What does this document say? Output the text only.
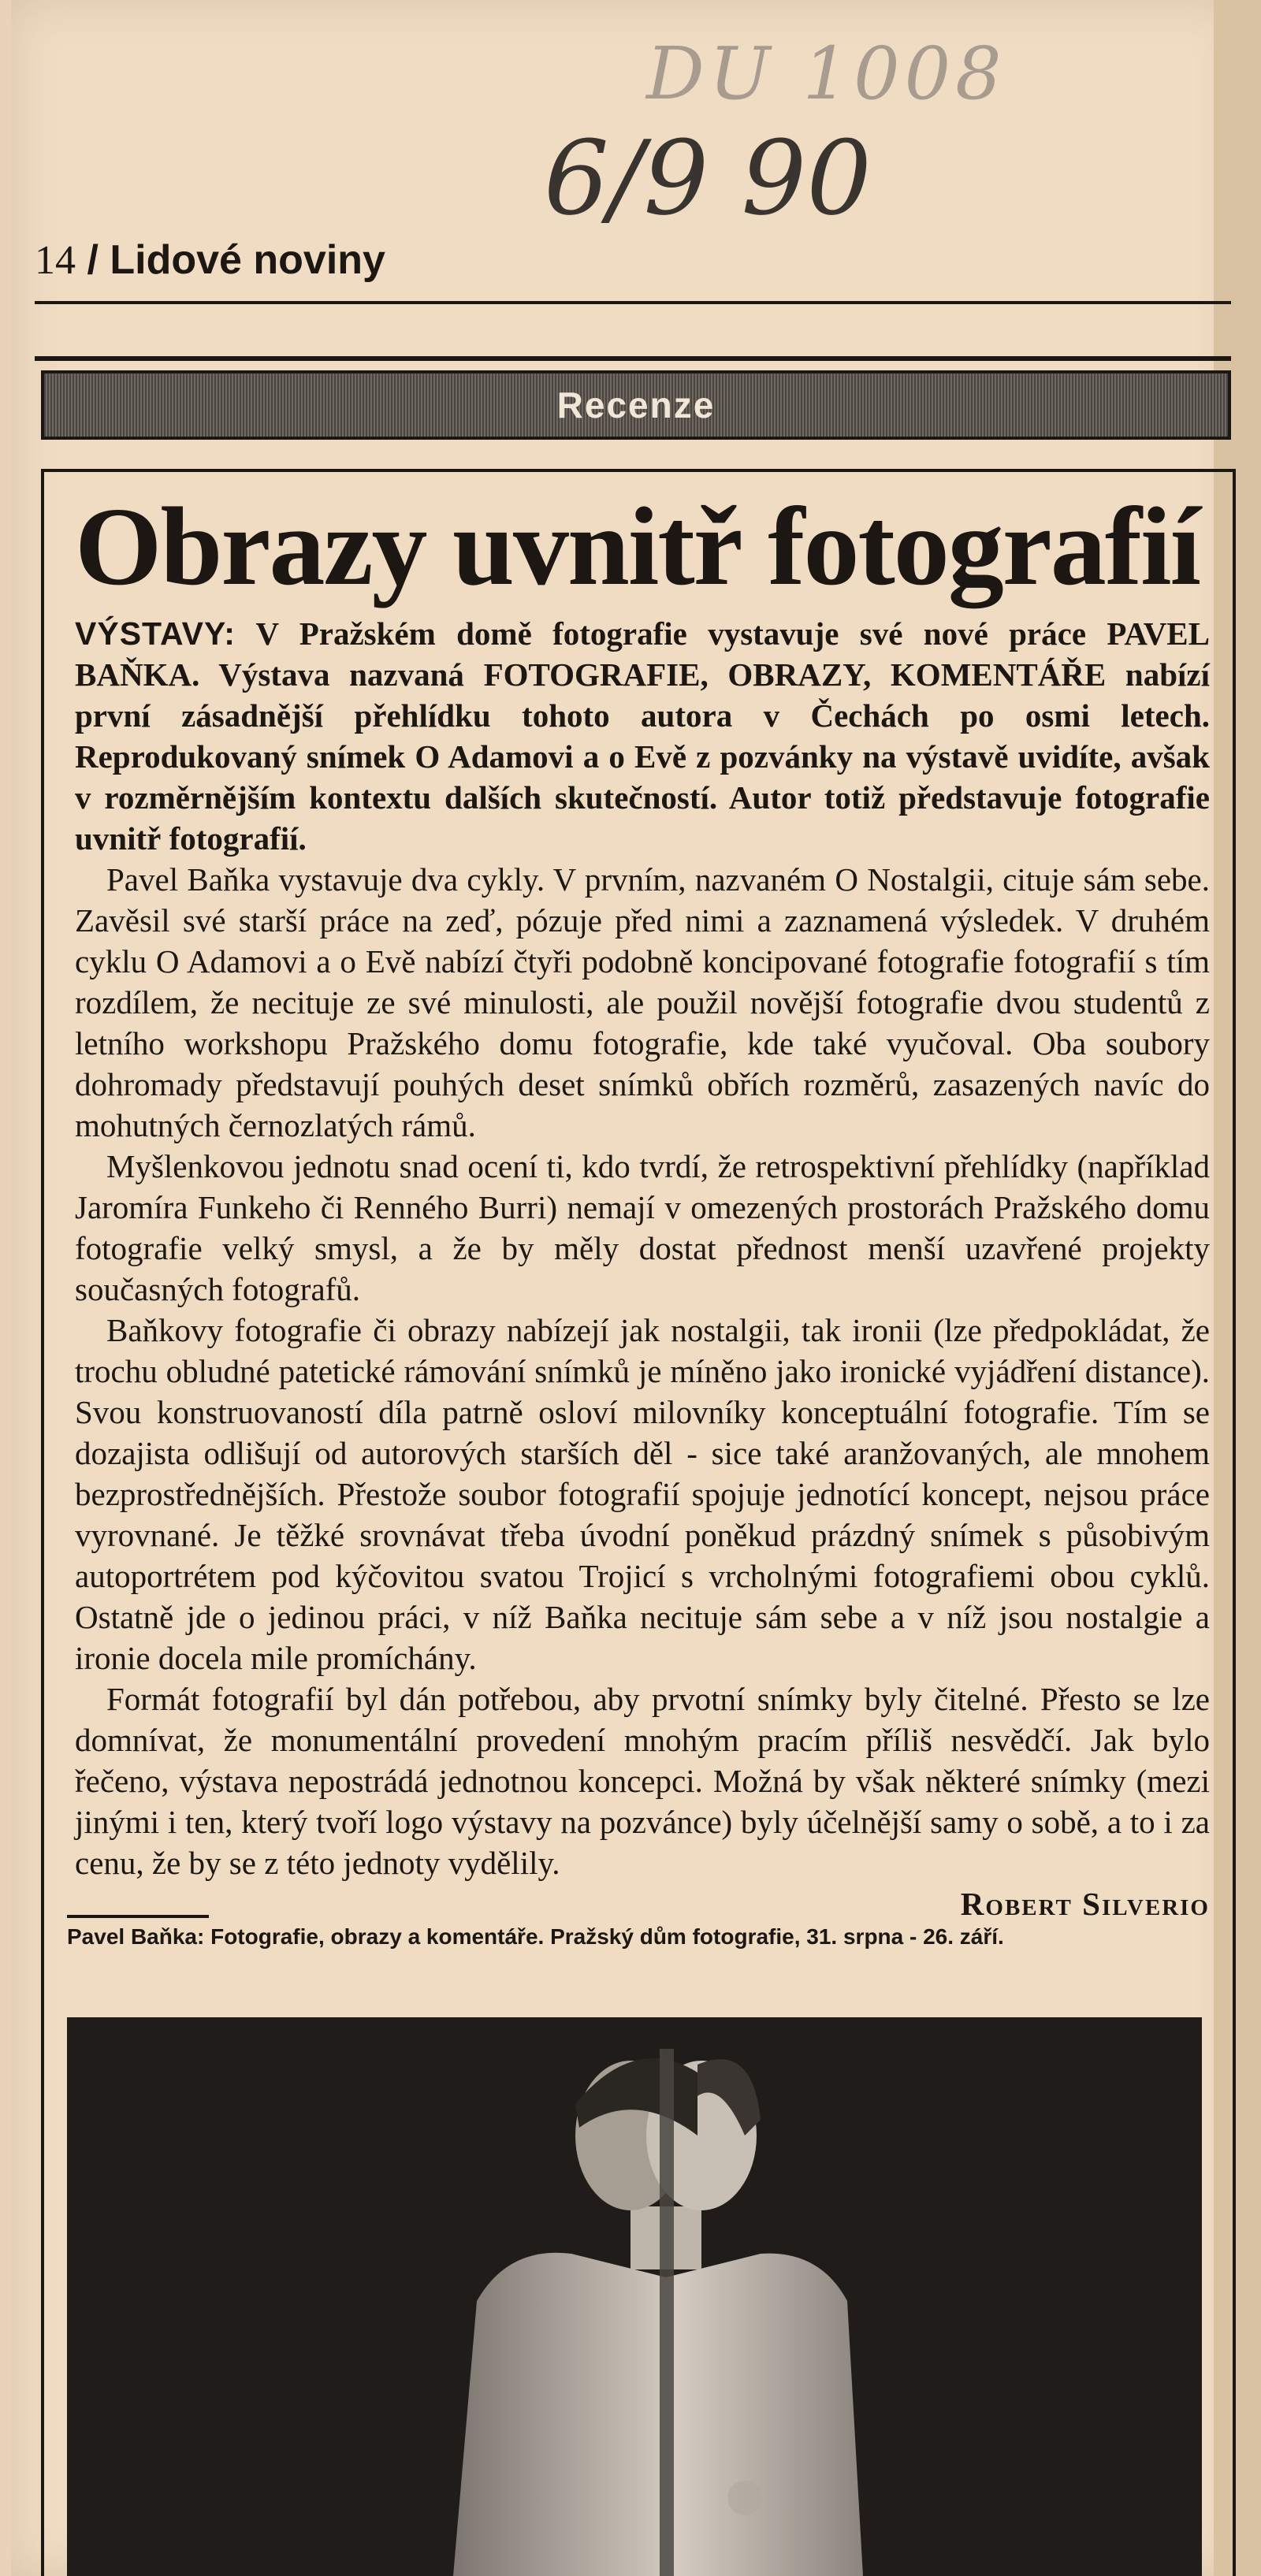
DU 1008
6/9 90
14 / Lidové noviny
Recenze
Obrazy uvnitř fotografií

VÝSTAVY: V Pražském domě fotografie vystavuje své nové práce PAVEL BAŇKA. Výstava nazvaná FOTOGRAFIE, OBRAZY, KOMENTÁŘE nabízí první zásadnější přehlídku tohoto autora v Čechách po osmi letech. Reprodukovaný snímek O Adamovi a o Evě z pozvánky na výstavě uvidíte, avšak v rozměrnějším kontextu dalších skutečností. Autor totiž představuje fotografie uvnitř fotografií.

Pavel Baňka vystavuje dva cykly. V prvním, nazvaném O Nostalgii, cituje sám sebe. Zavěsil své starší práce na zeď, pózuje před nimi a zaznamená výsledek. V druhém cyklu O Adamovi a o Evě nabízí čtyři podobně koncipované fotografie fotografií s tím rozdílem, že necituje ze své minulosti, ale použil novější fotografie dvou studentů z letního workshopu Pražského domu fotografie, kde také vyučoval. Oba soubory dohromady představují pouhých deset snímků obřích rozměrů, zasazených navíc do mohutných černozlatých rámů.

Myšlenkovou jednotu snad ocení ti, kdo tvrdí, že retrospektivní přehlídky (například Jaromíra Funkeho či Renného Burri) nemají v omezených prostorách Pražského domu fotografie velký smysl, a že by měly dostat přednost menší uzavřené projekty současných fotografů.

Baňkovy fotografie či obrazy nabízejí jak nostalgii, tak ironii (lze předpokládat, že trochu obludné patetické rámování snímků je míněno jako ironické vyjádření distance). Svou konstruovaností díla patrně osloví milovníky konceptuální fotografie. Tím se dozajista odlišují od autorových starších děl - sice také aranžovaných, ale mnohem bezprostřednějších. Přestože soubor fotografií spojuje jednotící koncept, nejsou práce vyrovnané. Je těžké srovnávat třeba úvodní poněkud prázdný snímek s působivým autoportrétem pod kýčovitou svatou Trojicí s vrcholnými fotografiemi obou cyklů. Ostatně jde o jedinou práci, v níž Baňka necituje sám sebe a v níž jsou nostalgie a ironie docela mile promíchány.

Formát fotografií byl dán potřebou, aby prvotní snímky byly čitelné. Přesto se lze domnívat, že monumentální provedení mnohým pracím příliš nesvědčí. Jak bylo řečeno, výstava nepostrádá jednotnou koncepci. Možná by však některé snímky (mezi jinými i ten, který tvoří logo výstavy na pozvánce) byly účelnější samy o sobě, a to i za cenu, že by se z této jednoty vydělily.

Robert Silverio

Pavel Baňka: Fotografie, obrazy a komentáře. Pražský dům fotografie, 31. srpna - 26. září.
